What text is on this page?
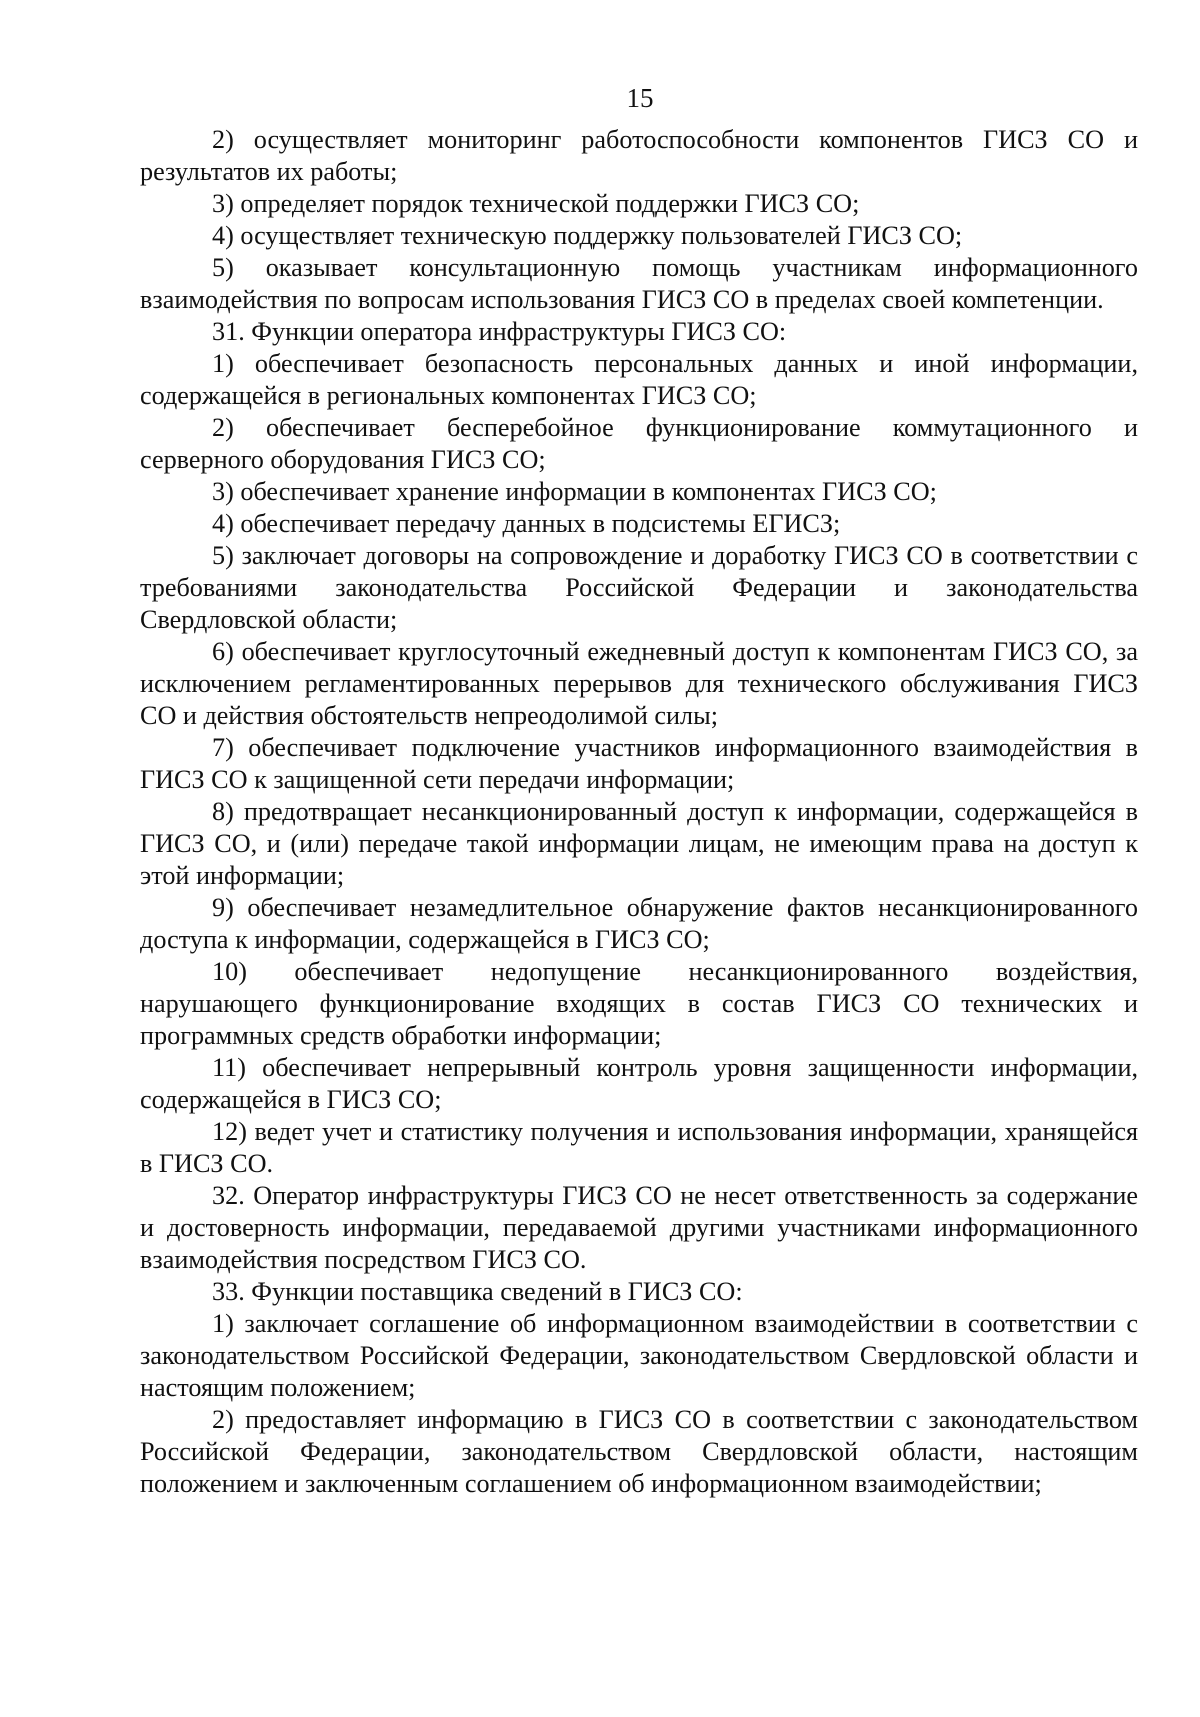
15

2) осуществляет мониторинг работоспособности компонентов ГИСЗ СО и результатов их работы;

3) определяет порядок технической поддержки ГИСЗ СО;

4) осуществляет техническую поддержку пользователей ГИСЗ СО;

5) оказывает консультационную помощь участникам информационного взаимодействия по вопросам использования ГИСЗ СО в пределах своей компетенции.

31. Функции оператора инфраструктуры ГИСЗ СО:

1) обеспечивает безопасность персональных данных и иной информации, содержащейся в региональных компонентах ГИСЗ СО;

2) обеспечивает бесперебойное функционирование коммутационного и серверного оборудования ГИСЗ СО;

3) обеспечивает хранение информации в компонентах ГИСЗ СО;

4) обеспечивает передачу данных в подсистемы ЕГИСЗ;

5) заключает договоры на сопровождение и доработку ГИСЗ СО в соответствии с требованиями законодательства Российской Федерации и законодательства Свердловской области;

6) обеспечивает круглосуточный ежедневный доступ к компонентам ГИСЗ СО, за исключением регламентированных перерывов для технического обслуживания ГИСЗ СО и действия обстоятельств непреодолимой силы;

7) обеспечивает подключение участников информационного взаимодействия в ГИСЗ СО к защищенной сети передачи информации;

8) предотвращает несанкционированный доступ к информации, содержащейся в ГИСЗ СО, и (или) передаче такой информации лицам, не имеющим права на доступ к этой информации;

9) обеспечивает незамедлительное обнаружение фактов несанкционированного доступа к информации, содержащейся в ГИСЗ СО;

10) обеспечивает недопущение несанкционированного воздействия, нарушающего функционирование входящих в состав ГИСЗ СО технических и программных средств обработки информации;

11) обеспечивает непрерывный контроль уровня защищенности информации, содержащейся в ГИСЗ СО;

12) ведет учет и статистику получения и использования информации, хранящейся в ГИСЗ СО.

32. Оператор инфраструктуры ГИСЗ СО не несет ответственность за содержание и достоверность информации, передаваемой другими участниками информационного взаимодействия посредством ГИСЗ СО.

33. Функции поставщика сведений в ГИСЗ СО:

1) заключает соглашение об информационном взаимодействии в соответствии с законодательством Российской Федерации, законодательством Свердловской области и настоящим положением;

2) предоставляет информацию в ГИСЗ СО в соответствии с законодательством Российской Федерации, законодательством Свердловской области, настоящим положением и заключенным соглашением об информационном взаимодействии;
